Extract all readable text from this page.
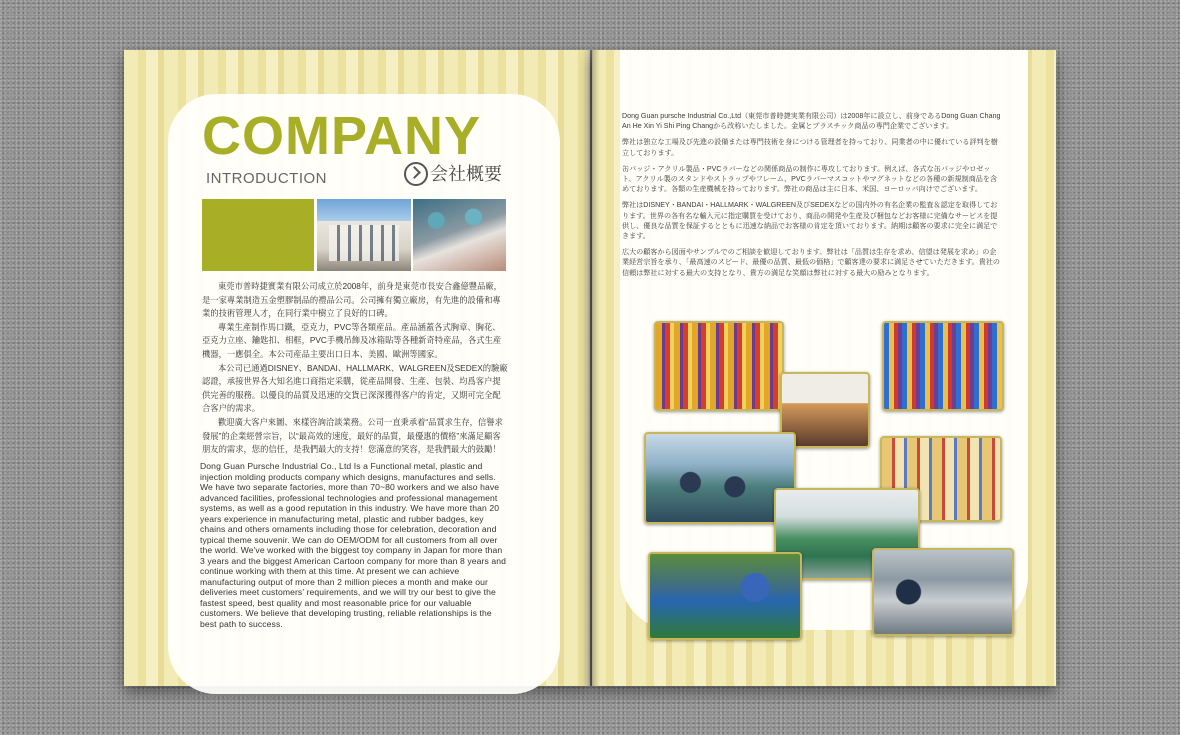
COMPANY
INTRODUCTION	会社概要

東莞市普時捷實業有限公司成立於2008年，前身是東莞市長安合鑫億豐品廠，是一家專業制造五金塑膠制品的禮品公司。公司擁有獨立廠房，有先進的設備和專業的技術管理人才，在同行業中樹立了良好的口碑。

專業生產制作馬口鐵，亞克力，PVC等各類産品。產品涵蓋各式胸章、胸花、亞克力立座、鑰匙扣、相框，PVC手機吊飾及冰箱貼等各種新奇特産品，各式生産機器，一應俱全。本公司産品主要出口日本、美國、歐洲等國家。

本公司已通過DISNEY、BANDAI、HALLMARK、WALGREEN及SEDEX的驗廠認證，承接世界各大知名進口商指定采購，從產品開發、生產、包裝、均爲客户提供完善的服務。以優良的品質及迅速的交貨已深深獲得客户的肯定，又期可完全配合客户的需求。

歡迎廣大客户來圖、來樣咨詢洽談業務。公司一直秉承着“品質求生存，信譽求發展”的企業經營宗旨，以“最高效的速度，最好的品質，最優惠的價格”來滿足顧客朋友的需求，您的信任，是我們最大的支持！您滿意的笑容，是我們最大的鼓勵！

Dong Guan Pursche Industrial Co., Ltd Is a Functional metal, plastic and injection molding products company which designs, manufactures and sells. We have two separate factories, more than 70~80 workers and we also have advanced facilities, professional technologies and professional management systems, as well as a good reputation in this industry. We have more than 20 years experience in manufacturing metal, plastic and rubber badges, key chains and others ornaments including those for celebration, decoration and typical theme souvenir. We can do OEM/ODM for all customers from all over the world. We've worked with the biggest toy company in Japan for more than 3 years and the biggest American Cartoon company for more than 8 years and continue working with them at this time. At present we can achieve manufacturing output of more than 2 million pieces a month and make our deliveries meet customers' requirements, and we will try our best to give the fastest speed, best quality and most reasonable price for our valuable customers. We believe that developing trusting, reliable relationships is the best path to success.

Dong Guan pursche Industrial Co.,Ltd（東莞市普時捷実業有限公司）は2008年に設立し、前身であるDong Guan Chang An He Xin Yi Shi Ping Changから改称いたしました。金属とプラスチック商品の専門企業でございます。

弊社は独立な工場及び先進の設備または専門技術を身につける管理者を持っており、同業者の中に優れている評判を樹立しております。

缶バッジ・アクリル製品・PVCラバーなどの関係商品の制作に専攻しております。例えば、各式な缶バッジやロゼット、アクリル製のスタンドやストラップやフレーム、PVCラバーマスコットやマグネットなどの各種の新規制商品を含めております。各類の生産機械を持っております。弊社の商品は主に日本、米国、ヨーロッパ向けでございます。

弊社はDISNEY・BANDAI・HALLMARK・WALGREEN及びSEDEXなどの国内外の有名企業の監査＆認定を取得しております。世界の各有名な輸入元に指定購買を受けており、商品の開発や生産及び梱包などお客様に完備なサービスを提供し、優良な品質を保証するとともに迅速な納品でお客様の肯定を頂いております。納期は顧客の要求に完全に満足できます。

広大の顧客から図面やサンプルでのご相談を歓迎しております。弊社は「品質は生存を求め、信望は発展を求め」の企業経営宗旨を承り、「最高速のスピード、最優の品質、最低の価格」で顧客達の要求に満足させていただきます。貴社の信頼は弊社に対する最大の支持となり、貴方の満足な笑顔は弊社に対する最大の励みとなります。
